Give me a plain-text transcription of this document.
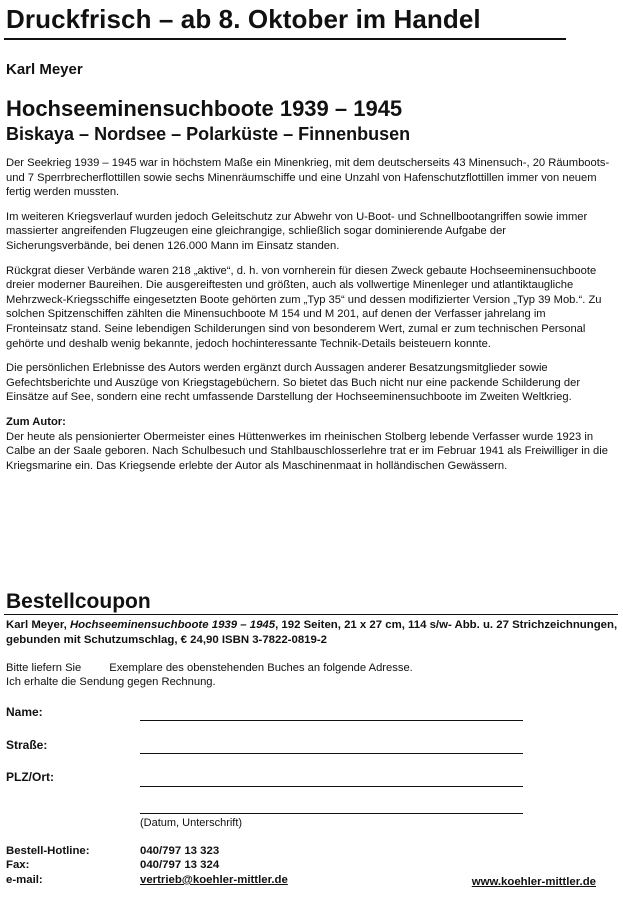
Druckfrisch – ab 8. Oktober im Handel
Karl Meyer
Hochseeminensuchboote 1939 – 1945
Biskaya – Nordsee – Polarküste – Finnenbusen

Der Seekrieg 1939 – 1945 war in höchstem Maße ein Minenkrieg, mit dem deutscherseits 43 Minensuch-, 20 Räumboots- und 7 Sperrbrecherflottillen sowie sechs Minenräumschiffe und eine Unzahl von Hafenschutzflottillen immer von neuem fertig werden mussten.

Im weiteren Kriegsverlauf wurden jedoch Geleitschutz zur Abwehr von U-Boot- und Schnellbootangriffen sowie immer massierter angreifenden Flugzeugen eine gleichrangige, schließlich sogar dominierende Aufgabe der Sicherungsverbände, bei denen 126.000 Mann im Einsatz standen.

Rückgrat dieser Verbände waren 218 „aktive“, d. h. von vornherein für diesen Zweck gebaute Hochseeminensuchboote dreier moderner Baureihen. Die ausgereiftesten und größten, auch als vollwertige Minenleger und atlantiktaugliche Mehrzweck-Kriegsschiffe eingesetzten Boote gehörten zum „Typ 35“ und dessen modifizierter Version „Typ 39 Mob.“. Zu solchen Spitzenschiffen zählten die Minensuchboote M 154 und M 201, auf denen der Verfasser jahrelang im Fronteinsatz stand. Seine lebendigen Schilderungen sind von besonderem Wert, zumal er zum technischen Personal gehörte und deshalb wenig bekannte, jedoch hochinteressante Technik-Details beisteuern konnte.

Die persönlichen Erlebnisse des Autors werden ergänzt durch Aussagen anderer Besatzungsmitglieder sowie Gefechtsberichte und Auszüge von Kriegstagebüchern. So bietet das Buch nicht nur eine packende Schilderung der Einsätze auf See, sondern eine recht umfassende Darstellung der Hochseeminensuchboote im Zweiten Weltkrieg.

Zum Autor:

Der heute als pensionierter Obermeister eines Hüttenwerkes im rheinischen Stolberg lebende Verfasser wurde 1923 in Calbe an der Saale geboren. Nach Schulbesuch und Stahlbauschlosserlehre trat er im Februar 1941 als Freiwilliger in die Kriegsmarine ein. Das Kriegsende erlebte der Autor als Maschinenmaat in holländischen Gewässern.

Bestellcoupon
Karl Meyer, Hochseeminensuchboote 1939 – 1945, 192 Seiten, 21 x 27 cm, 114 s/w- Abb. u. 27 Strichzeichnungen, gebunden mit Schutzumschlag, € 24,90 ISBN 3-7822-0819-2
Bitte liefern Sie	Exemplare des obenstehenden Buches an folgende Adresse.
Ich erhalte die Sendung gegen Rechnung.
Name:
Straße:
PLZ/Ort:
(Datum, Unterschrift)
Bestell-Hotline:	040/797 13 323
Fax:	040/797 13 324
e-mail:	vertrieb@koehler-mittler.de	www.koehler-mittler.de
